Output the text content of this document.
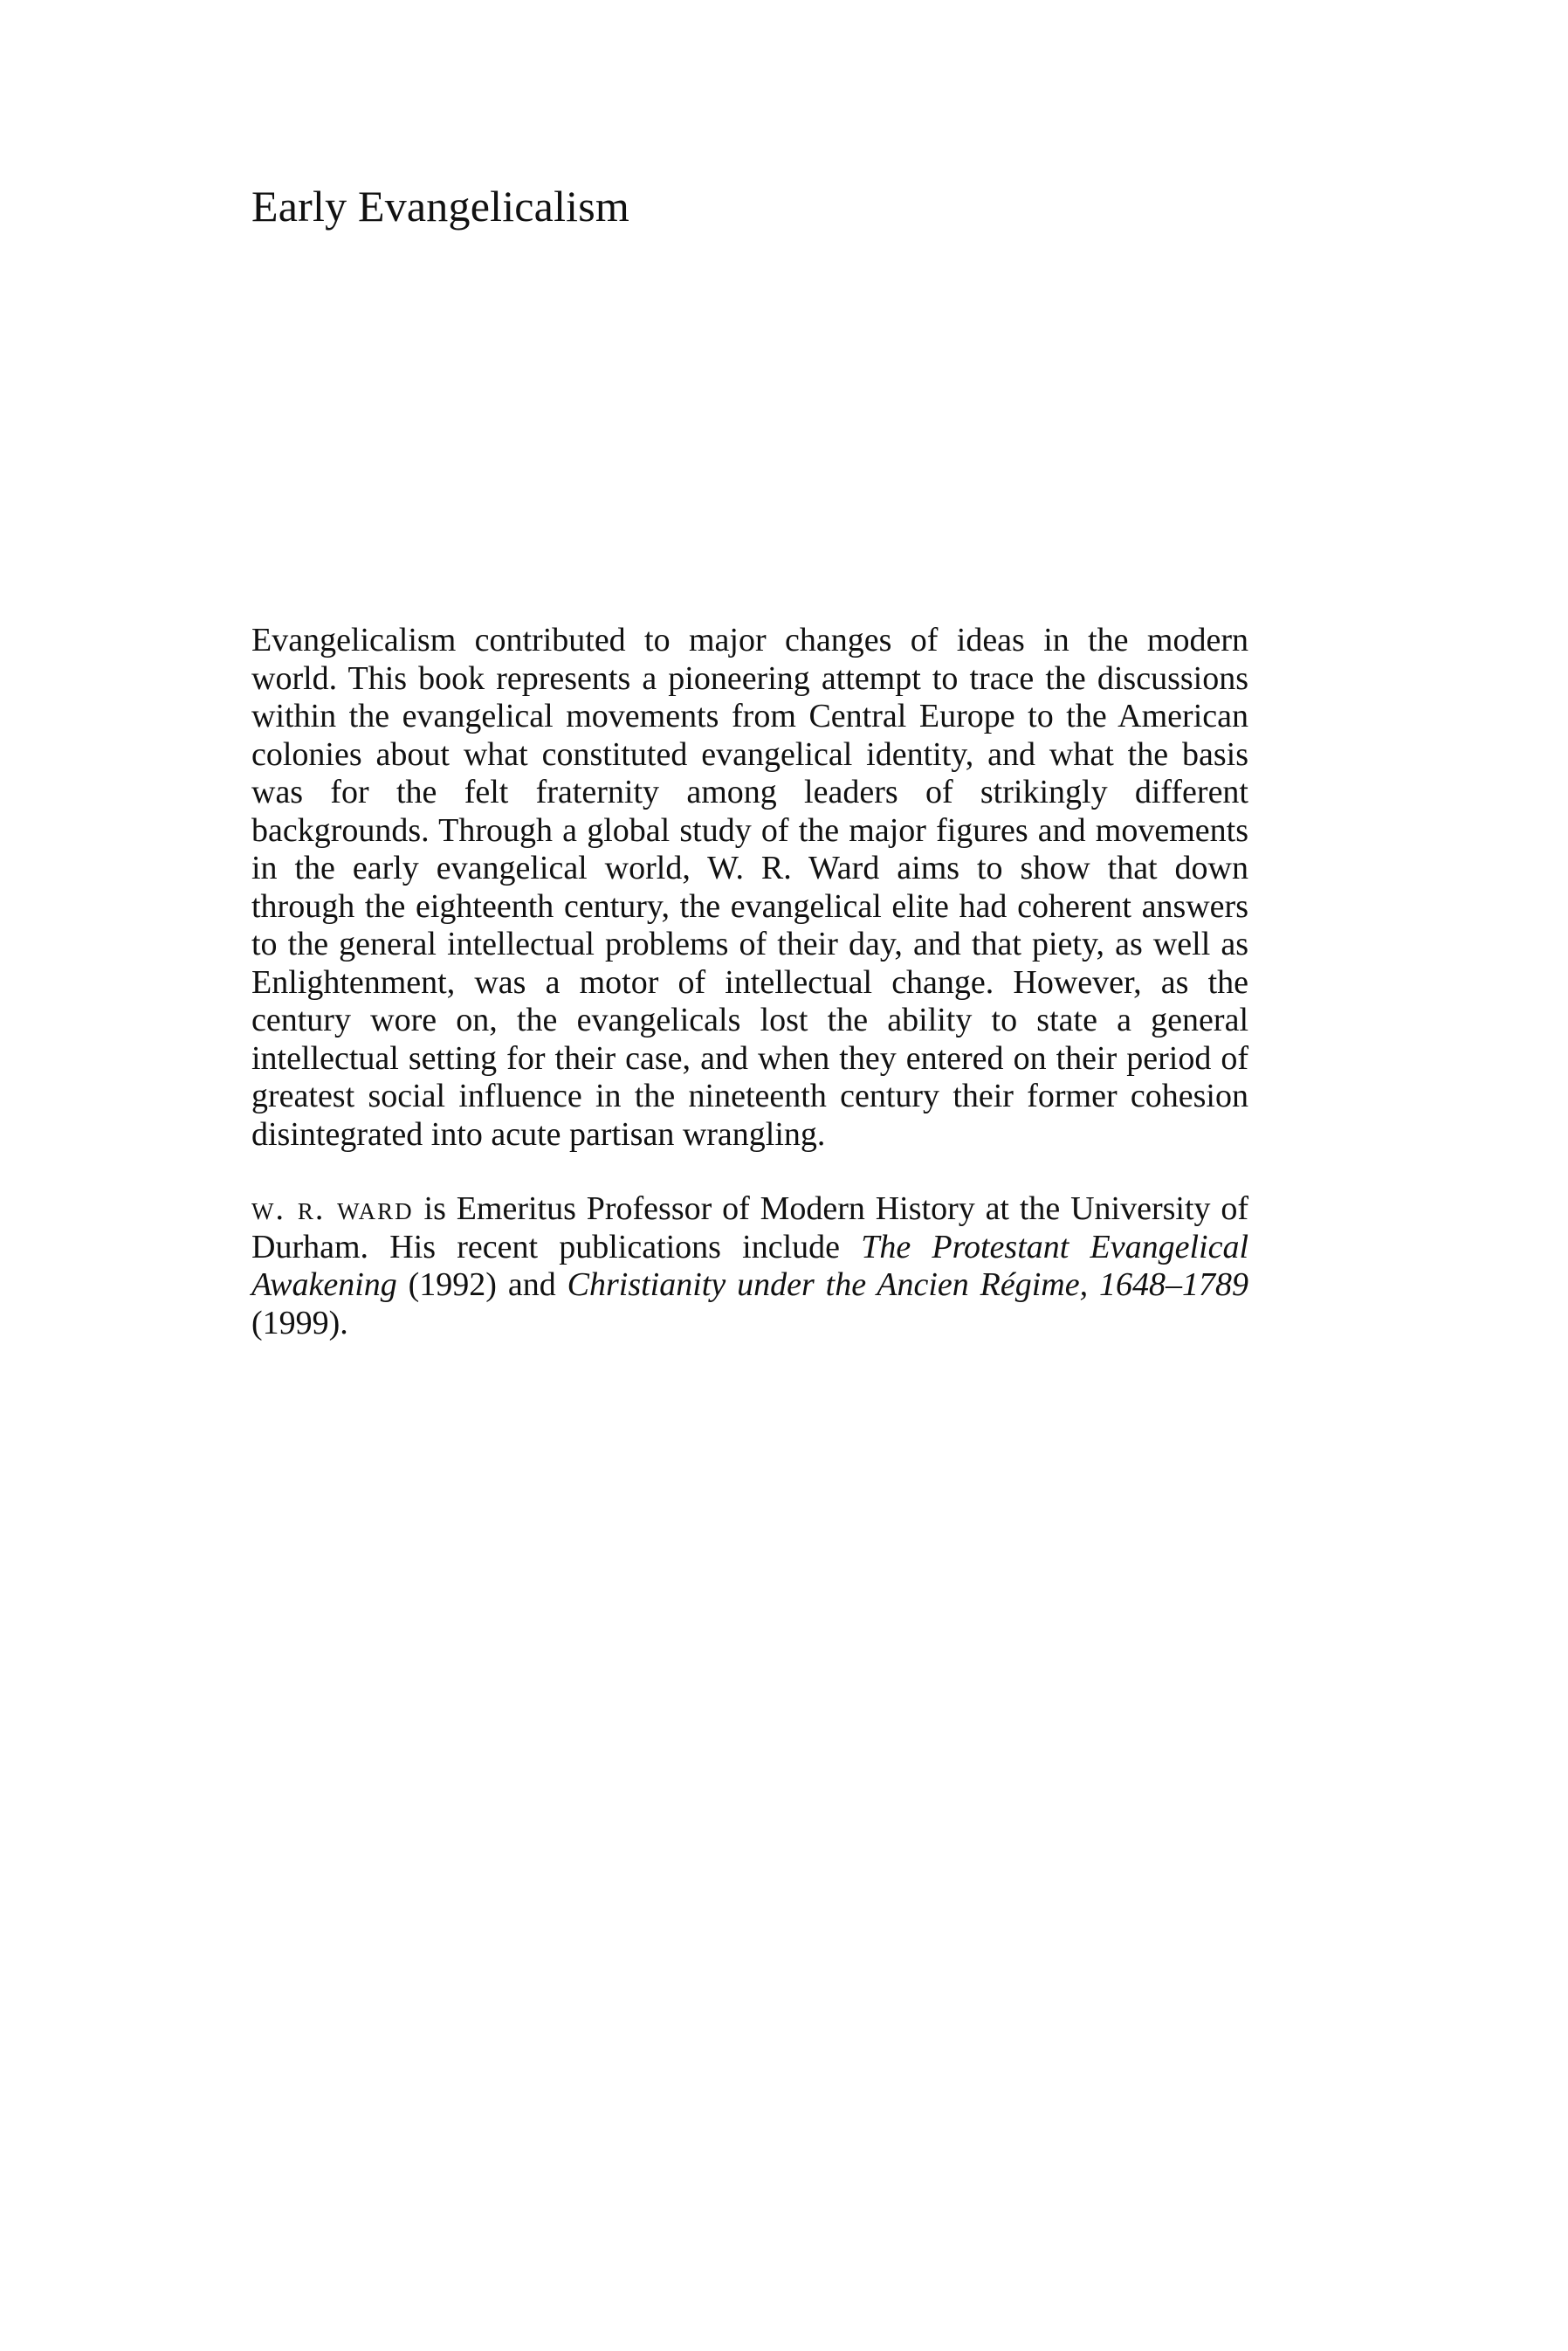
Early Evangelicalism

Evangelicalism contributed to major changes of ideas in the modern world. This book represents a pioneering attempt to trace the discussions within the evangelical movements from Central Europe to the American colonies about what constituted evangelical identity, and what the basis was for the felt fraternity among leaders of strikingly different backgrounds. Through a global study of the major figures and movements in the early evangelical world, W. R. Ward aims to show that down through the eighteenth century, the evangelical elite had coherent answers to the general intellectual problems of their day, and that piety, as well as Enlightenment, was a motor of intellectual change. However, as the century wore on, the evangelicals lost the ability to state a general intellectual setting for their case, and when they entered on their period of greatest social influence in the nineteenth century their former cohesion disintegrated into acute partisan wrangling.

w. r. ward is Emeritus Professor of Modern History at the University of Durham. His recent publications include The Protestant Evangelical Awakening (1992) and Christianity under the Ancien Régime, 1648–1789 (1999).
